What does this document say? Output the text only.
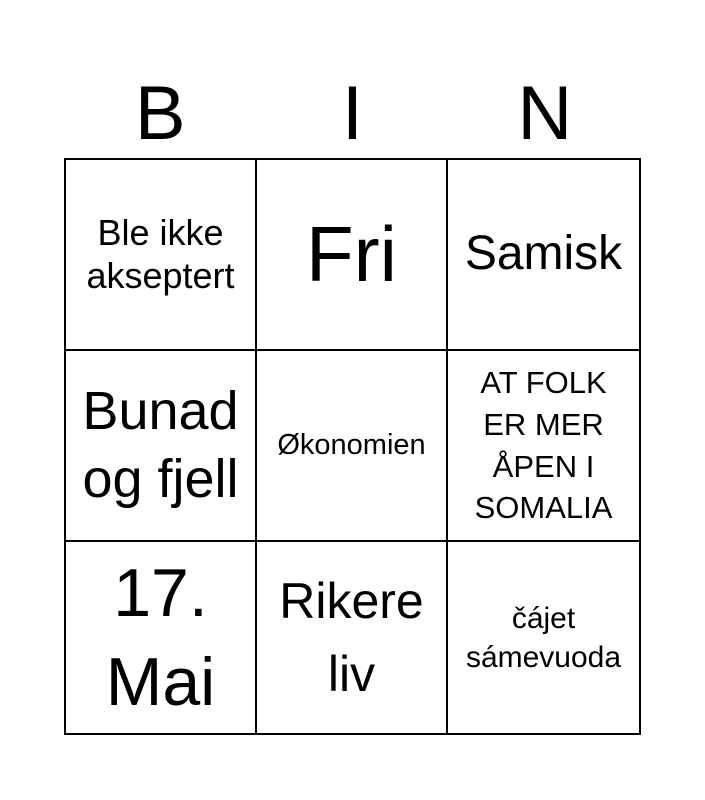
B	I	N
Ble ikke akseptert Fri Samisk
Bunad og fjell
Økonomien
AT FOLK ER MER ÅPEN I SOMALIA
17. Mai
Rikere liv
čájet sámevuoda
